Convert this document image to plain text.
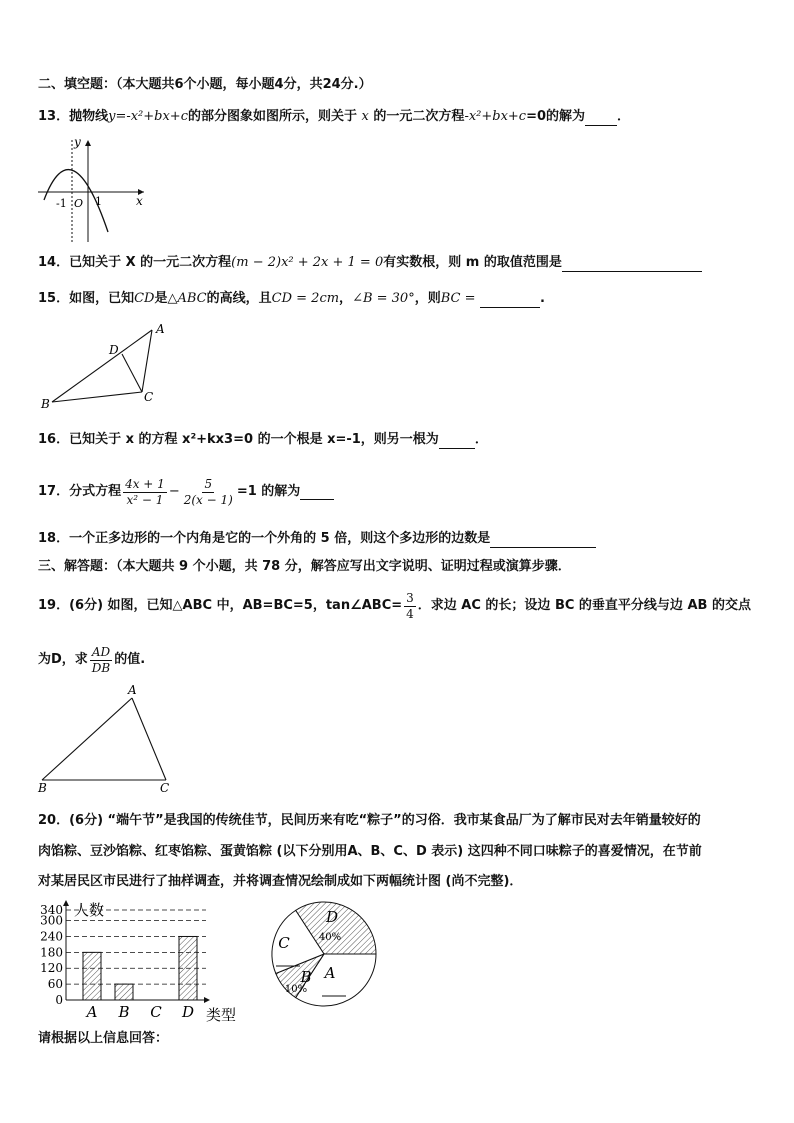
二、填空题：（本大题共6个小题，每小题4分，共24分.）
13．抛物线y=-x²+bx+c的部分图象如图所示，则关于 x 的一元二次方程-x²+bx+c=0的解为 ．
y
x
-1 O 1
14．已知关于 X 的一元二次方程(m − 2)x² + 2x + 1 = 0有实数根，则 m 的取值范围是
15．如图，已知CD是△ABC的高线，且CD = 2cm，∠B = 30°，则BC =	.
A
B	C
D
16．已知关于 x 的方程 x²+kx3=0 的一个根是 x=-1，则另一根为	．
17．分式方程 $\frac{4x + 1}{\text{x² − 1}} - \frac{5}{2(x - 1)} =1$ 的解为
18．一个正多边形的一个内角是它的一个外角的 5 倍，则这个多边形的边数是
三、解答题：（本大题共 9 个小题，共 78 分，解答应写出文字说明、证明过程或演算步骤．
19．(6分) 如图，已知△ABC 中，AB=BC=5，tan∠ABC= $\frac{3}{4}$ ．求边 AC 的长；设边 BC 的垂直平分线与边 AB 的交点
为D，求 $\frac{AD}{DB}$ 的值.
A
B	C
20．(6分) “端午节”是我国的传统佳节，民间历来有吃“粽子”的习俗．我市某食品厂为了解市民对去年销量较好的
肉馅粽、豆沙馅粽、红枣馅粽、蛋黄馅粽 (以下分别用A、B、C、D 表示) 这四种不同口味粽子的喜爱情况，在节前
对某居民区市民进行了抽样调查，并将调查情况绘制成如下两幅统计图 (尚不完整)．
0
60
120
180
240
300
340
A B C D
人数
类型
D
40%
A
B
10%
C
请根据以上信息回答：
